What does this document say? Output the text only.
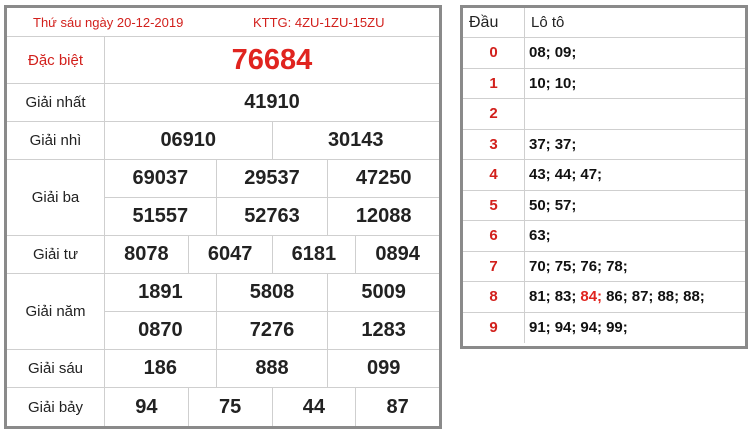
Thứ sáu ngày 20-12-2019	KTTG: 4ZU-1ZU-15ZU
Đặc biệt	76684
Giải nhất	41910
Giải nhì	06910	30143
Giải ba
69037	29537	47250
51557	52763	12088
Giải tư	8078	6047	6181	0894
Giải năm
1891	5808	5009
0870	7276	1283
Giải sáu	186	888	099
Giải bảy	94	75	44	87
Đầu	Lô tô
0	08; 09;
1	10; 10;
2
3	37; 37;
4	43; 44; 47;
5	50; 57;
6	63;
7	70; 75; 76; 78;
8	81; 83; 84; 86; 87; 88; 88;
9	91; 94; 94; 99;
